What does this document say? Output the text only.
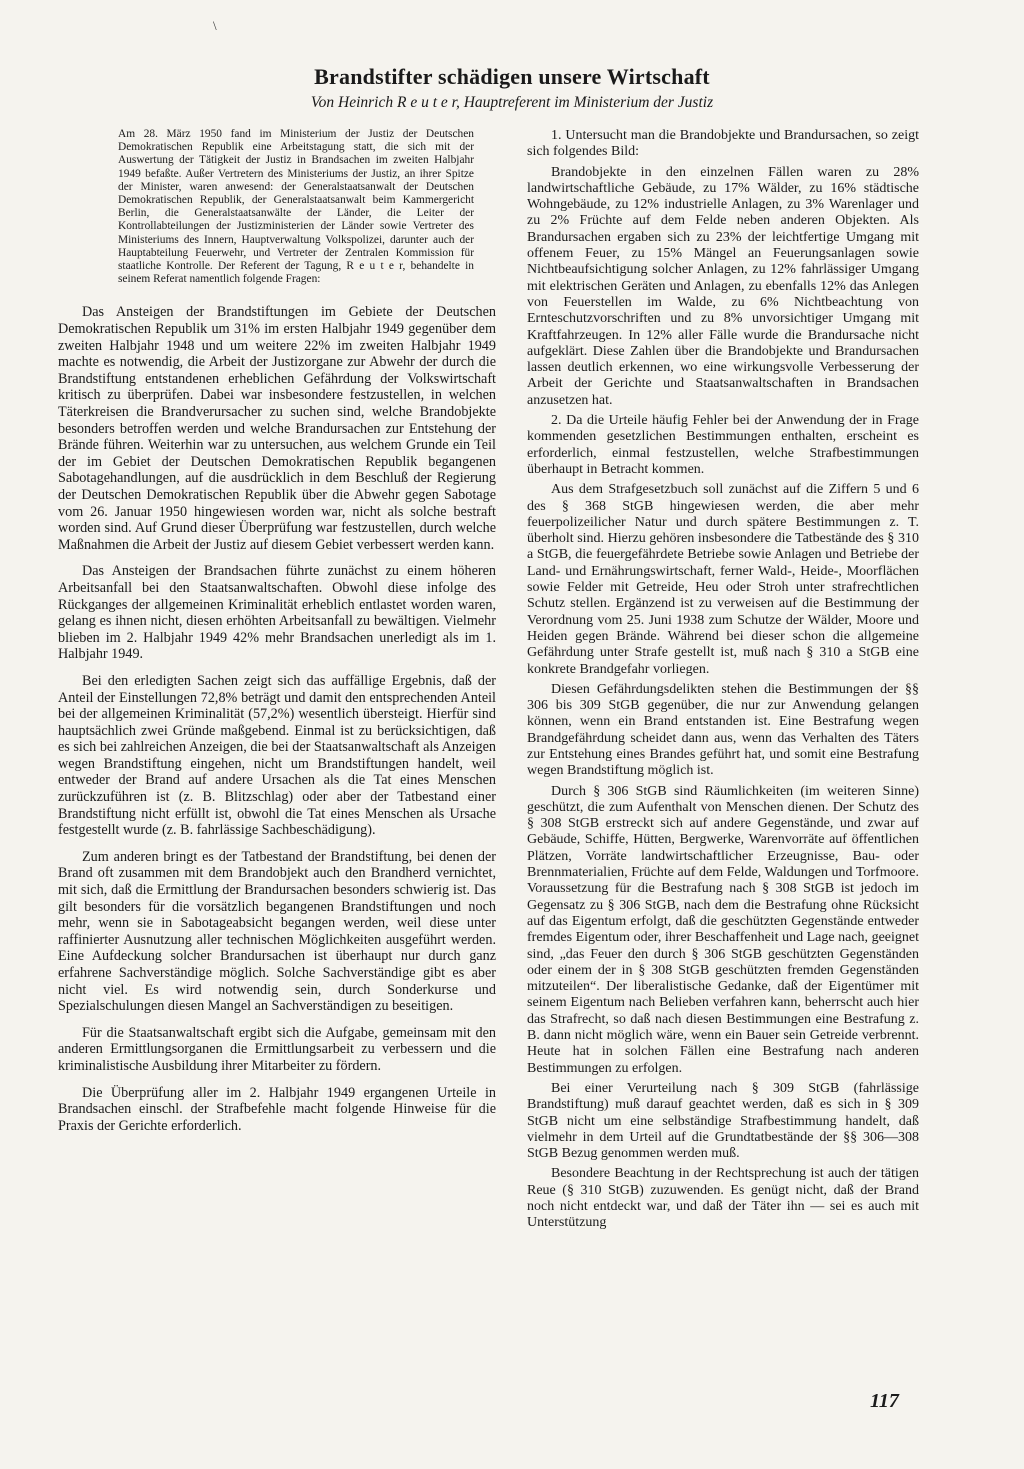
\
Brandstifter schädigen unsere Wirtschaft

Von Heinrich R e u t e r, Hauptreferent im Ministerium der Justiz

Am 28. März 1950 fand im Ministerium der Justiz der Deutschen Demokratischen Republik eine Arbeitstagung statt, die sich mit der Auswertung der Tätigkeit der Justiz in Brandsachen im zweiten Halbjahr 1949 befaßte. Außer Vertretern des Ministeriums der Justiz, an ihrer Spitze der Minister, waren anwesend: der Generalstaatsanwalt der Deutschen Demokratischen Republik, der Generalstaatsanwalt beim Kammergericht Berlin, die Generalstaatsanwälte der Länder, die Leiter der Kontrollabteilungen der Justizministerien der Länder sowie Vertreter des Ministeriums des Innern, Hauptverwaltung Volkspolizei, darunter auch der Hauptabteilung Feuerwehr, und Vertreter der Zentralen Kommission für staatliche Kontrolle. Der Referent der Tagung, R e u t e r, behandelte in seinem Referat namentlich folgende Fragen:

Das Ansteigen der Brandstiftungen im Gebiete der Deutschen Demokratischen Republik um 31% im ersten Halbjahr 1949 gegenüber dem zweiten Halbjahr 1948 und um weitere 22% im zweiten Halbjahr 1949 machte es notwendig, die Arbeit der Justizorgane zur Abwehr der durch die Brandstiftung entstandenen erheblichen Gefährdung der Volkswirtschaft kritisch zu überprüfen. Dabei war insbesondere festzustellen, in welchen Täterkreisen die Brandverursacher zu suchen sind, welche Brandobjekte besonders betroffen werden und welche Brandursachen zur Entstehung der Brände führen. Weiterhin war zu untersuchen, aus welchem Grunde ein Teil der im Gebiet der Deutschen Demokratischen Republik begangenen Sabotagehandlungen, auf die ausdrücklich in dem Beschluß der Regierung der Deutschen Demokratischen Republik über die Abwehr gegen Sabotage vom 26. Januar 1950 hingewiesen worden war, nicht als solche bestraft worden sind. Auf Grund dieser Überprüfung war festzustellen, durch welche Maßnahmen die Arbeit der Justiz auf diesem Gebiet verbessert werden kann.

Das Ansteigen der Brandsachen führte zunächst zu einem höheren Arbeitsanfall bei den Staatsanwaltschaften. Obwohl diese infolge des Rückganges der allgemeinen Kriminalität erheblich entlastet worden waren, gelang es ihnen nicht, diesen erhöhten Arbeitsanfall zu bewältigen. Vielmehr blieben im 2. Halbjahr 1949 42% mehr Brandsachen unerledigt als im 1. Halbjahr 1949.

Bei den erledigten Sachen zeigt sich das auffällige Ergebnis, daß der Anteil der Einstellungen 72,8% beträgt und damit den entsprechenden Anteil bei der allgemeinen Kriminalität (57,2%) wesentlich übersteigt. Hierfür sind hauptsächlich zwei Gründe maßgebend. Einmal ist zu berücksichtigen, daß es sich bei zahlreichen Anzeigen, die bei der Staatsanwaltschaft als Anzeigen wegen Brandstiftung eingehen, nicht um Brandstiftungen handelt, weil entweder der Brand auf andere Ursachen als die Tat eines Menschen zurückzuführen ist (z. B. Blitzschlag) oder aber der Tatbestand einer Brandstiftung nicht erfüllt ist, obwohl die Tat eines Menschen als Ursache festgestellt wurde (z. B. fahrlässige Sachbeschädigung).

Zum anderen bringt es der Tatbestand der Brandstiftung, bei denen der Brand oft zusammen mit dem Brandobjekt auch den Brandherd vernichtet, mit sich, daß die Ermittlung der Brandursachen besonders schwierig ist. Das gilt besonders für die vorsätzlich begangenen Brandstiftungen und noch mehr, wenn sie in Sabotageabsicht begangen werden, weil diese unter raffinierter Ausnutzung aller technischen Möglichkeiten ausgeführt werden. Eine Aufdeckung solcher Brandursachen ist überhaupt nur durch ganz erfahrene Sachverständige möglich. Solche Sachverständige gibt es aber nicht viel. Es wird notwendig sein, durch Sonderkurse und Spezialschulungen diesen Mangel an Sachverständigen zu beseitigen.

Für die Staatsanwaltschaft ergibt sich die Aufgabe, gemeinsam mit den anderen Ermittlungsorganen die Ermittlungsarbeit zu verbessern und die kriminalistische Ausbildung ihrer Mitarbeiter zu fördern.

Die Überprüfung aller im 2. Halbjahr 1949 ergangenen Urteile in Brandsachen einschl. der Strafbefehle macht folgende Hinweise für die Praxis der Gerichte erforderlich.

1. Untersucht man die Brandobjekte und Brandursachen, so zeigt sich folgendes Bild:

Brandobjekte in den einzelnen Fällen waren zu 28% landwirtschaftliche Gebäude, zu 17% Wälder, zu 16% städtische Wohngebäude, zu 12% industrielle Anlagen, zu 3% Warenlager und zu 2% Früchte auf dem Felde neben anderen Objekten. Als Brandursachen ergaben sich zu 23% der leichtfertige Umgang mit offenem Feuer, zu 15% Mängel an Feuerungsanlagen sowie Nichtbeaufsichtigung solcher Anlagen, zu 12% fahrlässiger Umgang mit elektrischen Geräten und Anlagen, zu ebenfalls 12% das Anlegen von Feuerstellen im Walde, zu 6% Nichtbeachtung von Ernteschutzvorschriften und zu 8% unvorsichtiger Umgang mit Kraftfahrzeugen. In 12% aller Fälle wurde die Brandursache nicht aufgeklärt. Diese Zahlen über die Brandobjekte und Brandursachen lassen deutlich erkennen, wo eine wirkungsvolle Verbesserung der Arbeit der Gerichte und Staatsanwaltschaften in Brandsachen anzusetzen hat.

2. Da die Urteile häufig Fehler bei der Anwendung der in Frage kommenden gesetzlichen Bestimmungen enthalten, erscheint es erforderlich, einmal festzustellen, welche Strafbestimmungen überhaupt in Betracht kommen.

Aus dem Strafgesetzbuch soll zunächst auf die Ziffern 5 und 6 des § 368 StGB hingewiesen werden, die aber mehr feuerpolizeilicher Natur und durch spätere Bestimmungen z. T. überholt sind. Hierzu gehören insbesondere die Tatbestände des § 310 a StGB, die feuergefährdete Betriebe sowie Anlagen und Betriebe der Land- und Ernährungswirtschaft, ferner Wald-, Heide-, Moorflächen sowie Felder mit Getreide, Heu oder Stroh unter strafrechtlichen Schutz stellen. Ergänzend ist zu verweisen auf die Bestimmung der Verordnung vom 25. Juni 1938 zum Schutze der Wälder, Moore und Heiden gegen Brände. Während bei dieser schon die allgemeine Gefährdung unter Strafe gestellt ist, muß nach § 310 a StGB eine konkrete Brandgefahr vorliegen.

Diesen Gefährdungsdelikten stehen die Bestimmungen der §§ 306 bis 309 StGB gegenüber, die nur zur Anwendung gelangen können, wenn ein Brand entstanden ist. Eine Bestrafung wegen Brandgefährdung scheidet dann aus, wenn das Verhalten des Täters zur Entstehung eines Brandes geführt hat, und somit eine Bestrafung wegen Brandstiftung möglich ist.

Durch § 306 StGB sind Räumlichkeiten (im weiteren Sinne) geschützt, die zum Aufenthalt von Menschen dienen. Der Schutz des § 308 StGB erstreckt sich auf andere Gegenstände, und zwar auf Gebäude, Schiffe, Hütten, Bergwerke, Warenvorräte auf öffentlichen Plätzen, Vorräte landwirtschaftlicher Erzeugnisse, Bau- oder Brennmaterialien, Früchte auf dem Felde, Waldungen und Torfmoore. Voraussetzung für die Bestrafung nach § 308 StGB ist jedoch im Gegensatz zu § 306 StGB, nach dem die Bestrafung ohne Rücksicht auf das Eigentum erfolgt, daß die geschützten Gegenstände entweder fremdes Eigentum oder, ihrer Beschaffenheit und Lage nach, geeignet sind, „das Feuer den durch § 306 StGB geschützten Gegenständen oder einem der in § 308 StGB geschützten fremden Gegenständen mitzuteilen“. Der liberalistische Gedanke, daß der Eigentümer mit seinem Eigentum nach Belieben verfahren kann, beherrscht auch hier das Strafrecht, so daß nach diesen Bestimmungen eine Bestrafung z. B. dann nicht möglich wäre, wenn ein Bauer sein Getreide verbrennt. Heute hat in solchen Fällen eine Bestrafung nach anderen Bestimmungen zu erfolgen.

Bei einer Verurteilung nach § 309 StGB (fahrlässige Brandstiftung) muß darauf geachtet werden, daß es sich in § 309 StGB nicht um eine selbständige Strafbestimmung handelt, daß vielmehr in dem Urteil auf die Grundtatbestände der §§ 306—308 StGB Bezug genommen werden muß.

Besondere Beachtung in der Rechtsprechung ist auch der tätigen Reue (§ 310 StGB) zuzuwenden. Es genügt nicht, daß der Brand noch nicht entdeckt war, und daß der Täter ihn — sei es auch mit Unterstützung

117
